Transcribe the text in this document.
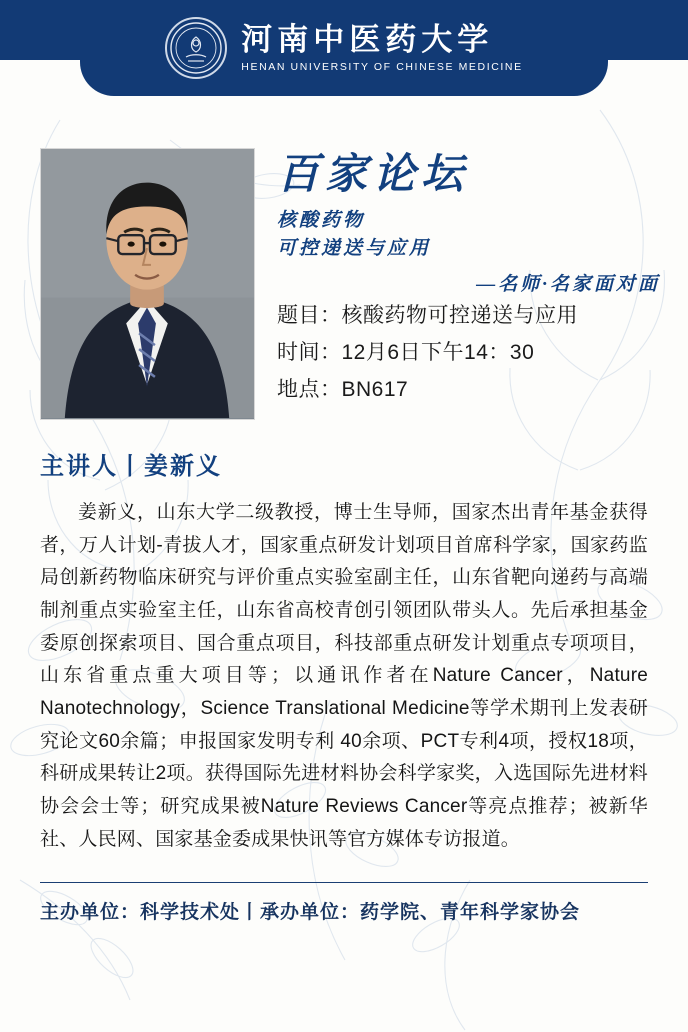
河南中医药大学
HENAN UNIVERSITY OF CHINESE MEDICINE
百家论坛
核酸药物
可控递送与应用
—名师·名家面对面
题目：核酸药物可控递送与应用
时间：12月6日下午14：30
地点：BN617
主讲人丨姜新义
姜新义，山东大学二级教授，博士生导师，国家杰出青年基金获得者，万人计划-青拔人才，国家重点研发计划项目首席科学家，国家药监局创新药物临床研究与评价重点实验室副主任，山东省靶向递药与高端制剂重点实验室主任，山东省高校青创引领团队带头人。先后承担基金委原创探索项目、国合重点项目，科技部重点研发计划重点专项项目，山东省重点重大项目等；以通讯作者在Nature Cancer，Nature Nanotechnology，Science Translational Medicine等学术期刊上发表研究论文60余篇；申报国家发明专利 40余项、PCT专利4项，授权18项，科研成果转让2项。获得国际先进材料协会科学家奖，入选国际先进材料协会会士等；研究成果被Nature Reviews Cancer等亮点推荐；被新华社、人民网、国家基金委成果快讯等官方媒体专访报道。
主办单位：科学技术处丨承办单位：药学院、青年科学家协会
